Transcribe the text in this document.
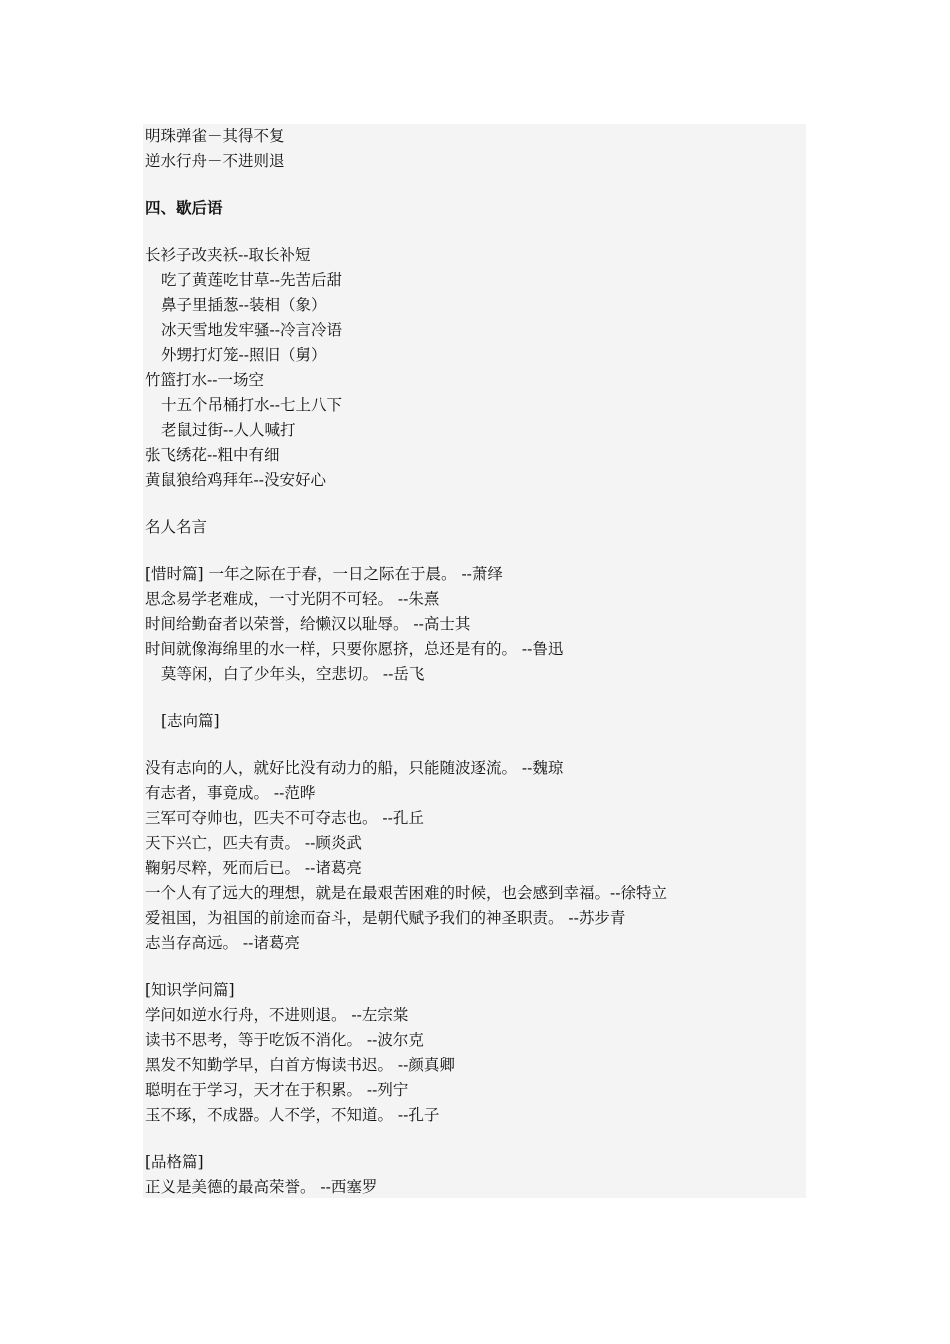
明珠弹雀－其得不复
逆水行舟－不进则退
四、歇后语
长衫子改夹袄--取长补短
吃了黄莲吃甘草--先苦后甜
鼻子里插葱--装相（象）
冰天雪地发牢骚--冷言冷语
外甥打灯笼--照旧（舅）
竹篮打水--一场空
十五个吊桶打水--七上八下
老鼠过街--人人喊打
张飞绣花--粗中有细
黄鼠狼给鸡拜年--没安好心
名人名言
[惜时篇] 一年之际在于春，一日之际在于晨。 --萧绎
思念易学老难成，一寸光阴不可轻。 --朱熹
时间给勤奋者以荣誉，给懒汉以耻辱。 --高士其
时间就像海绵里的水一样，只要你愿挤，总还是有的。 --鲁迅
莫等闲，白了少年头，空悲切。 --岳飞
[志向篇]
没有志向的人，就好比没有动力的船，只能随波逐流。 --魏琼
有志者，事竟成。 --范晔
三军可夺帅也，匹夫不可夺志也。 --孔丘
天下兴亡，匹夫有责。 --顾炎武
鞠躬尽粹，死而后已。 --诸葛亮
一个人有了远大的理想，就是在最艰苦困难的时候，也会感到幸福。--徐特立
爱祖国，为祖国的前途而奋斗，是朝代赋予我们的神圣职责。 --苏步青
志当存高远。 --诸葛亮
[知识学问篇]
学问如逆水行舟，不进则退。 --左宗棠
读书不思考，等于吃饭不消化。 --波尔克
黑发不知勤学早，白首方悔读书迟。 --颜真卿
聪明在于学习，天才在于积累。 --列宁
玉不琢，不成器。人不学，不知道。 --孔子
[品格篇]
正义是美德的最高荣誉。 --西塞罗
